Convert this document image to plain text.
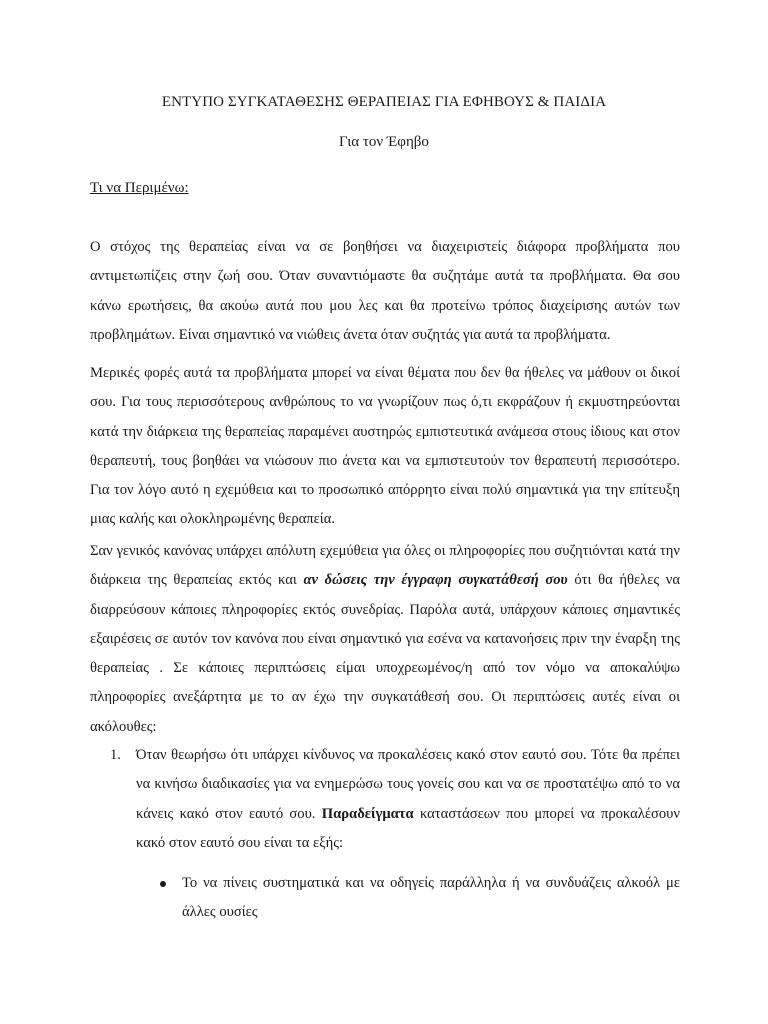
ΕΝΤΥΠΟ ΣΥΓΚΑΤΑΘΕΣΗΣ ΘΕΡΑΠΕΙΑΣ ΓΙΑ ΕΦΗΒΟΥΣ & ΠΑΙΔΙΑ
Για τον Έφηβο
Τι να Περιμένω:

Ο στόχος της θεραπείας είναι να σε βοηθήσει να διαχειριστείς διάφορα προβλήματα που αντιμετωπίζεις στην ζωή σου. Όταν συναντιόμαστε θα συζητάμε αυτά τα προβλήματα. Θα σου κάνω ερωτήσεις, θα ακούω αυτά που μου λες και θα προτείνω τρόπος διαχείρισης αυτών των προβλημάτων. Είναι σημαντικό να νιώθεις άνετα όταν συζητάς για αυτά τα προβλήματα.

Μερικές φορές αυτά τα προβλήματα μπορεί να είναι θέματα που δεν θα ήθελες να μάθουν οι δικοί σου. Για τους περισσότερους ανθρώπους το να γνωρίζουν πως ό,τι εκφράζουν ή εκμυστηρεύονται κατά την διάρκεια της θεραπείας παραμένει αυστηρώς εμπιστευτικά ανάμεσα στους ίδιους και στον θεραπευτή, τους βοηθάει να νιώσουν πιο άνετα και να εμπιστευτούν τον θεραπευτή περισσότερο. Για τον λόγο αυτό η εχεμύθεια και το προσωπικό απόρρητο είναι πολύ σημαντικά για την επίτευξη μιας καλής και ολοκληρωμένης θεραπεία.

Σαν γενικός κανόνας υπάρχει απόλυτη εχεμύθεια για όλες οι πληροφορίες που συζητιόνται κατά την διάρκεια της θεραπείας εκτός και αν δώσεις την έγγραφη συγκατάθεσή σου ότι θα ήθελες να διαρρεύσουν κάποιες πληροφορίες εκτός συνεδρίας. Παρόλα αυτά, υπάρχουν κάποιες σημαντικές εξαιρέσεις σε αυτόν τον κανόνα που είναι σημαντικό για εσένα να κατανοήσεις πριν την έναρξη της θεραπείας . Σε κάποιες περιπτώσεις είμαι υποχρεωμένος/η από τον νόμο να αποκαλύψω πληροφορίες ανεξάρτητα με το αν έχω την συγκατάθεσή σου. Οι περιπτώσεις αυτές είναι οι ακόλουθες:

1. Όταν θεωρήσω ότι υπάρχει κίνδυνος να προκαλέσεις κακό στον εαυτό σου. Τότε θα πρέπει να κινήσω διαδικασίες για να ενημερώσω τους γονείς σου και να σε προστατέψω από το να κάνεις κακό στον εαυτό σου. Παραδείγματα καταστάσεων που μπορεί να προκαλέσουν κακό στον εαυτό σου είναι τα εξής:
Το να πίνεις συστηματικά και να οδηγείς παράλληλα ή να συνδυάζεις αλκοόλ με άλλες ουσίες
